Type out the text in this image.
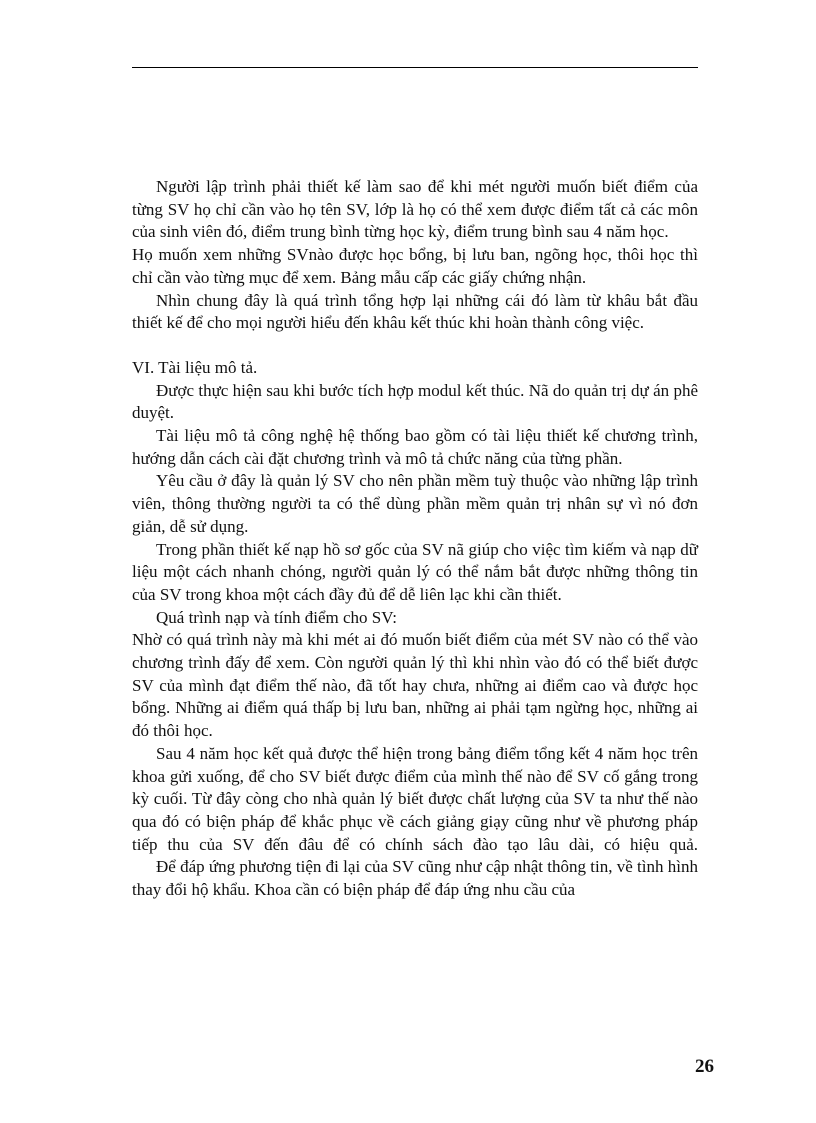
Người lập trình phải thiết kế làm sao để khi mét người muốn biết điểm của từng SV họ chỉ cần vào họ tên SV, lớp là họ có thể xem được điểm tất cả các môn của sinh viên đó, điểm trung bình từng học kỳ, điểm trung bình sau 4 năm học.

Họ muốn xem những SVnào được học bổng, bị lưu ban, ngõng học, thôi học thì chỉ cần vào từng mục để xem. Bảng mẫu cấp các giấy chứng nhận.

Nhìn chung đây là quá trình tổng hợp lại những cái đó làm từ khâu bắt đầu thiết kế để cho mọi người hiểu đến khâu kết thúc khi hoàn thành công việc.

VI. Tài liệu mô tả.

Được thực hiện sau khi bước tích hợp modul kết thúc. Nã do quản trị dự án phê duyệt.

Tài liệu mô tả công nghệ hệ thống bao gồm có tài liệu thiết kế chương trình, hướng dẫn cách cài đặt chương trình và mô tả chức năng của từng phần.

Yêu cầu ở đây là quản lý SV cho nên phần mềm tuỳ thuộc vào những lập trình viên, thông thường người ta có thể dùng phần mềm quản trị nhân sự vì nó đơn giản, dễ sử dụng.

Trong phần thiết kế nạp hồ sơ gốc của SV nã giúp cho việc tìm kiếm và nạp dữ liệu một cách nhanh chóng, người quản lý có thể nắm bắt được những thông tin của SV trong khoa một cách đầy đủ để dễ liên lạc khi cần thiết.

Quá trình nạp và tính điểm cho SV:

Nhờ có quá trình này mà khi mét ai đó muốn biết điểm của mét SV nào có thể vào chương trình đấy để xem. Còn người quản lý thì khi nhìn vào đó có thể biết được SV của mình đạt điểm thế nào, đã tốt hay chưa, những ai điểm cao và được học bổng. Những ai điểm quá thấp bị lưu ban, những ai phải tạm ngừng học, những ai đó thôi học.

Sau 4 năm học kết quả được thể hiện trong bảng điểm tổng kết 4 năm học trên khoa gửi xuống, để cho SV biết được điểm của mình thế nào để SV cố gắng trong kỳ cuối. Từ đây còng cho nhà quản lý biết được chất lượng của SV ta như thế nào qua đó có biện pháp để khắc phục về cách giảng giạy cũng như về phương pháp tiếp thu của SV đến đâu để có chính sách đào tạo lâu dài, có hiệu quả.

Để đáp ứng phương tiện đi lại của SV cũng như cập nhật thông tin, về tình hình thay đổi hộ khẩu. Khoa cần có biện pháp để đáp ứng nhu cầu của

26
